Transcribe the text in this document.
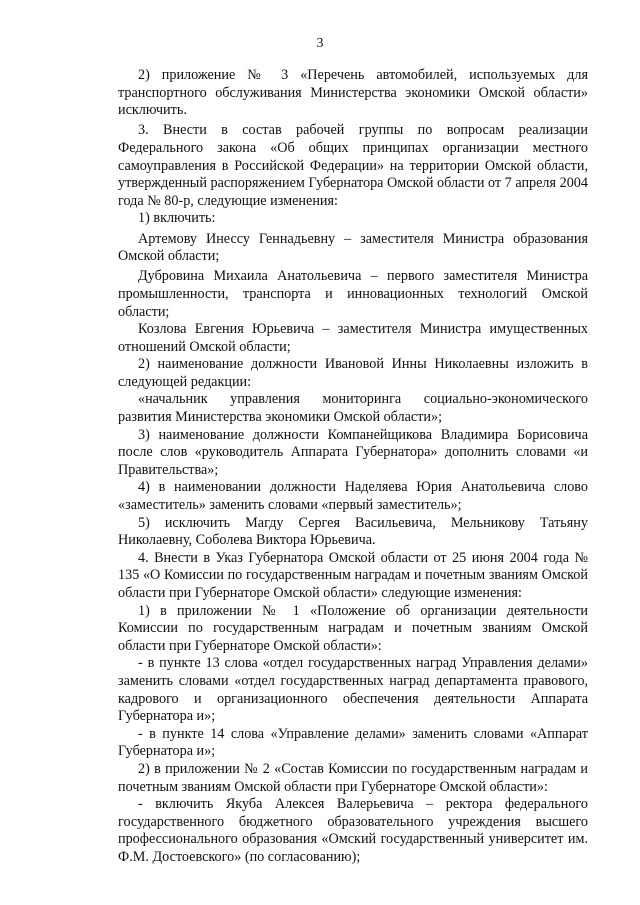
3

2) приложение № 3 «Перечень автомобилей, используемых для транспортного обслуживания Министерства экономики Омской области» исключить.

3. Внести в состав рабочей группы по вопросам реализации Федерального закона «Об общих принципах организации местного самоуправления в Российской Федерации» на территории Омской области, утвержденный распоряжением Губернатора Омской области от 7 апреля 2004 года № 80-р, следующие изменения:

1) включить:

Артемову Инессу Геннадьевну – заместителя Министра образования Омской области;

Дубровина Михаила Анатольевича – первого заместителя Министра промышленности, транспорта и инновационных технологий Омской области;

Козлова Евгения Юрьевича – заместителя Министра имущественных отношений Омской области;

2) наименование должности Ивановой Инны Николаевны изложить в следующей редакции:

«начальник управления мониторинга социально-экономического развития Министерства экономики Омской области»;

3) наименование должности Компанейщикова Владимира Борисовича после слов «руководитель Аппарата Губернатора» дополнить словами «и Правительства»;

4) в наименовании должности Наделяева Юрия Анатольевича слово «заместитель» заменить словами «первый заместитель»;

5) исключить Магду Сергея Васильевича, Мельникову Татьяну Николаевну, Соболева Виктора Юрьевича.

4. Внести в Указ Губернатора Омской области от 25 июня 2004 года № 135 «О Комиссии по государственным наградам и почетным званиям Омской области при Губернаторе Омской области» следующие изменения:

1) в приложении № 1 «Положение об организации деятельности Комиссии по государственным наградам и почетным званиям Омской области при Губернаторе Омской области»:

- в пункте 13 слова «отдел государственных наград Управления делами» заменить словами «отдел государственных наград департамента правового, кадрового и организационного обеспечения деятельности Аппарата Губернатора и»;

- в пункте 14 слова «Управление делами» заменить словами «Аппарат Губернатора и»;

2) в приложении № 2 «Состав Комиссии по государственным наградам и почетным званиям Омской области при Губернаторе Омской области»:

- включить Якуба Алексея Валерьевича – ректора федерального государственного бюджетного образовательного учреждения высшего профессионального образования «Омский государственный университет им. Ф.М. Достоевского» (по согласованию);
